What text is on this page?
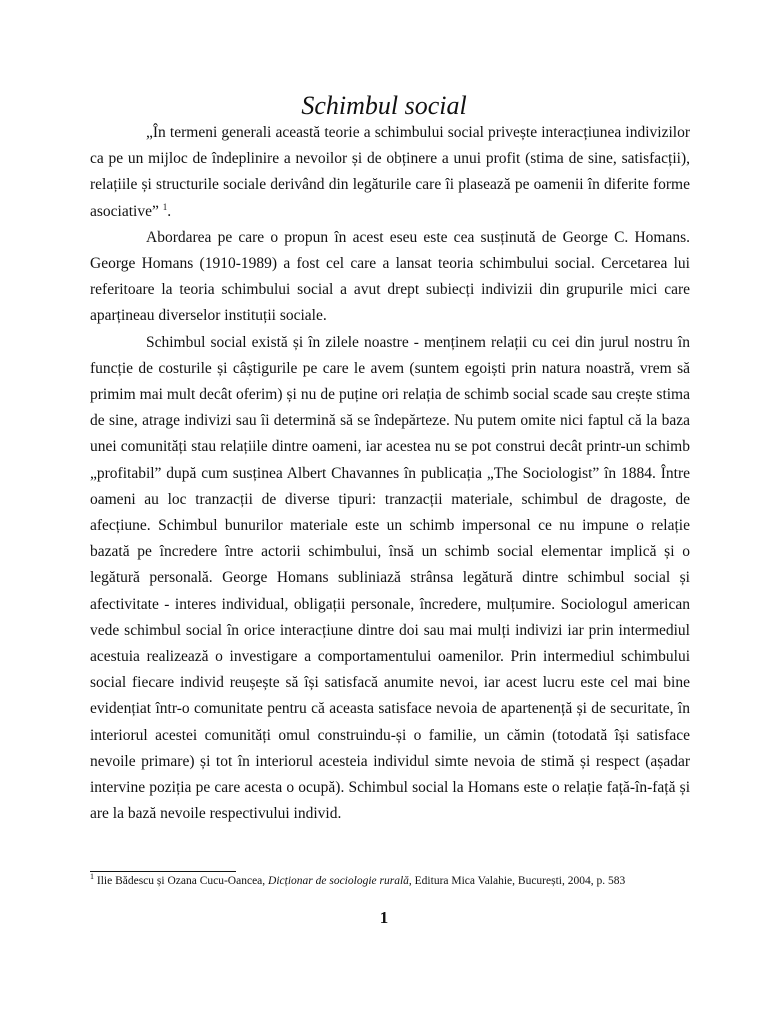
Schimbul social

„În termeni generali această teorie a schimbului social privește interacțiunea indivizilor ca pe un mijloc de îndeplinire a nevoilor și de obținere a unui profit (stima de sine, satisfacții), relațiile și structurile sociale derivând din legăturile care îi plasează pe oamenii în diferite forme asociative” $^1$.

Abordarea pe care o propun în acest eseu este cea susținută de George C. Homans. George Homans (1910-1989) a fost cel care a lansat teoria schimbului social. Cercetarea lui referitoare la teoria schimbului social a avut drept subiecți indivizii din grupurile mici care aparțineau diverselor instituții sociale.

Schimbul social există și în zilele noastre - menținem relații cu cei din jurul nostru în funcție de costurile și câștigurile pe care le avem (suntem egoiști prin natura noastră, vrem să primim mai mult decât oferim) și nu de puține ori relația de schimb social scade sau crește stima de sine, atrage indivizi sau îi determină să se îndepărteze. Nu putem omite nici faptul că la baza unei comunități stau relațiile dintre oameni, iar acestea nu se pot construi decât printr-un schimb „profitabil” după cum susținea Albert Chavannes în publicația „The Sociologist” în 1884. Între oameni au loc tranzacții de diverse tipuri: tranzacții materiale, schimbul de dragoste, de afecțiune. Schimbul bunurilor materiale este un schimb impersonal ce nu impune o relație bazată pe încredere între actorii schimbului, însă un schimb social elementar implică și o legătură personală. George Homans subliniază strânsa legătură dintre schimbul social și afectivitate - interes individual, obligații personale, încredere, mulțumire. Sociologul american vede schimbul social în orice interacțiune dintre doi sau mai mulți indivizi iar prin intermediul acestuia realizează o investigare a comportamentului oamenilor. Prin intermediul schimbului social fiecare individ reușește să își satisfacă anumite nevoi, iar acest lucru este cel mai bine evidențiat într-o comunitate pentru că aceasta satisface nevoia de apartenență și de securitate, în interiorul acestei comunități omul construindu-și o familie, un cămin (totodată își satisface nevoile primare) și tot în interiorul acesteia individul simte nevoia de stimă și respect (așadar intervine poziția pe care acesta o ocupă). Schimbul social la Homans este o relație față-în-față și are la bază nevoile respectivului individ.

$^1$ Ilie Bădescu și Ozana Cucu-Oancea, Dicționar de sociologie rurală, Editura Mica Valahie, București, 2004, p. 583

1
